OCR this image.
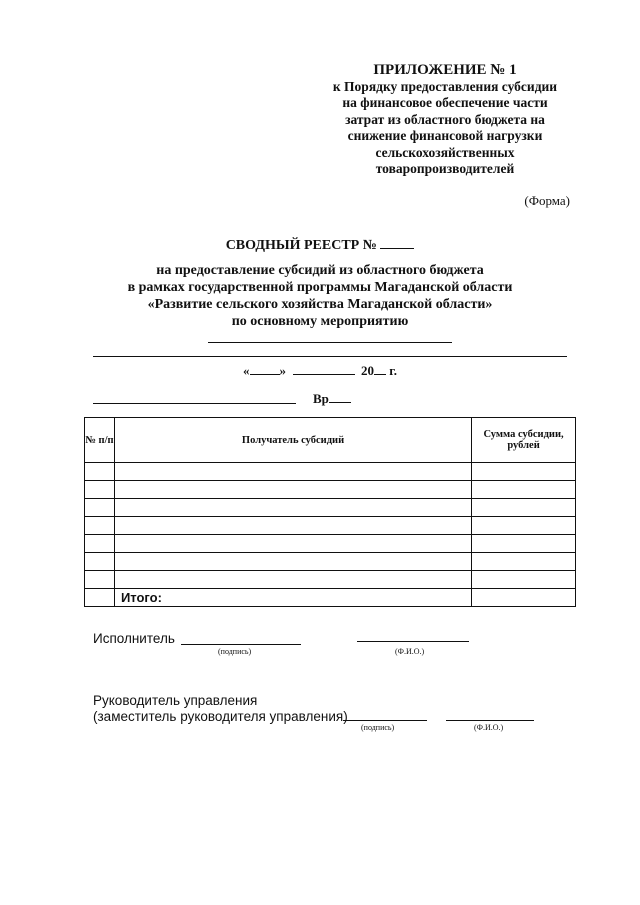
ПРИЛОЖЕНИЕ № 1
к Порядку предоставления субсидии
на финансовое обеспечение части
затрат из областного бюджета на
снижение финансовой нагрузки
сельскохозяйственных
товаропроизводителей
(Форма)
СВОДНЫЙ РЕЕСТР №
на предоставление субсидий из областного бюджета
в рамках государственной программы Магаданской области
«Развитие сельского хозяйства Магаданской области»
по основному мероприятию
« »	20 г.
Вр
№ п/п	Получатель субсидий	Сумма субсидии, рублей

	Итого:	
Исполнитель
(подпись)	(Ф.И.О.)
Руководитель управления
(заместитель руководителя управления)
(подпись)	(Ф.И.О.)
